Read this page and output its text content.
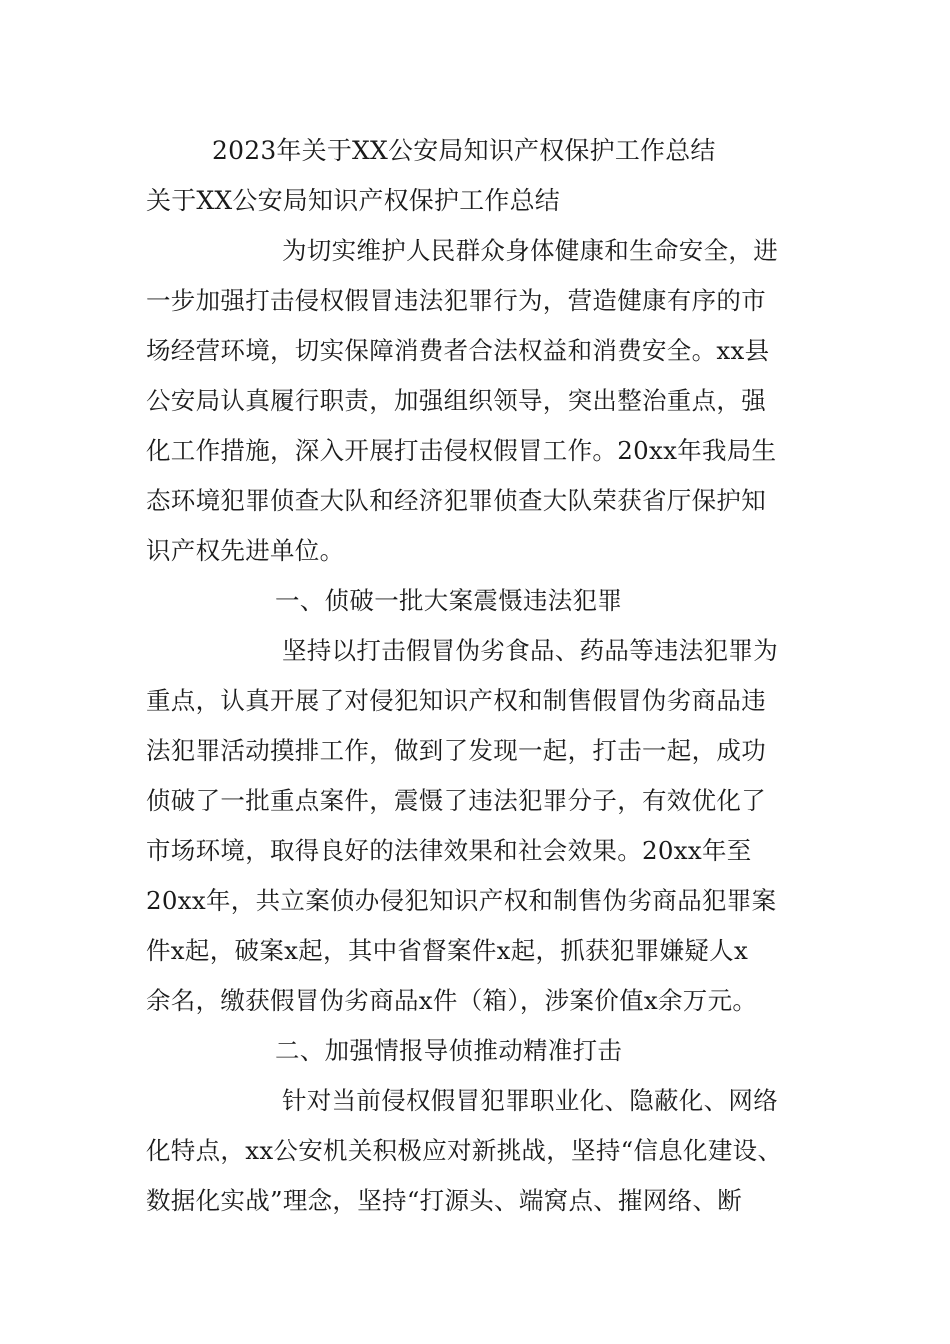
2023年关于XX公安局知识产权保护工作总结
关于XX公安局知识产权保护工作总结
为切实维护人民群众身体健康和生命安全，进
一步加强打击侵权假冒违法犯罪行为，营造健康有序的市
场经营环境，切实保障消费者合法权益和消费安全。xx县
公安局认真履行职责，加强组织领导，突出整治重点，强
化工作措施，深入开展打击侵权假冒工作。20xx年我局生
态环境犯罪侦查大队和经济犯罪侦查大队荣获省厅保护知
识产权先进单位。
一、侦破一批大案震慑违法犯罪
坚持以打击假冒伪劣食品、药品等违法犯罪为
重点，认真开展了对侵犯知识产权和制售假冒伪劣商品违
法犯罪活动摸排工作，做到了发现一起，打击一起，成功
侦破了一批重点案件，震慑了违法犯罪分子，有效优化了
市场环境，取得良好的法律效果和社会效果。20xx年至
20xx年，共立案侦办侵犯知识产权和制售伪劣商品犯罪案
件x起，破案x起，其中省督案件x起，抓获犯罪嫌疑人x
余名，缴获假冒伪劣商品x件（箱），涉案价值x余万元。
二、加强情报导侦推动精准打击
针对当前侵权假冒犯罪职业化、隐蔽化、网络
化特点，xx公安机关积极应对新挑战，坚持“信息化建设、
数据化实战”理念，坚持“打源头、端窝点、摧网络、断
